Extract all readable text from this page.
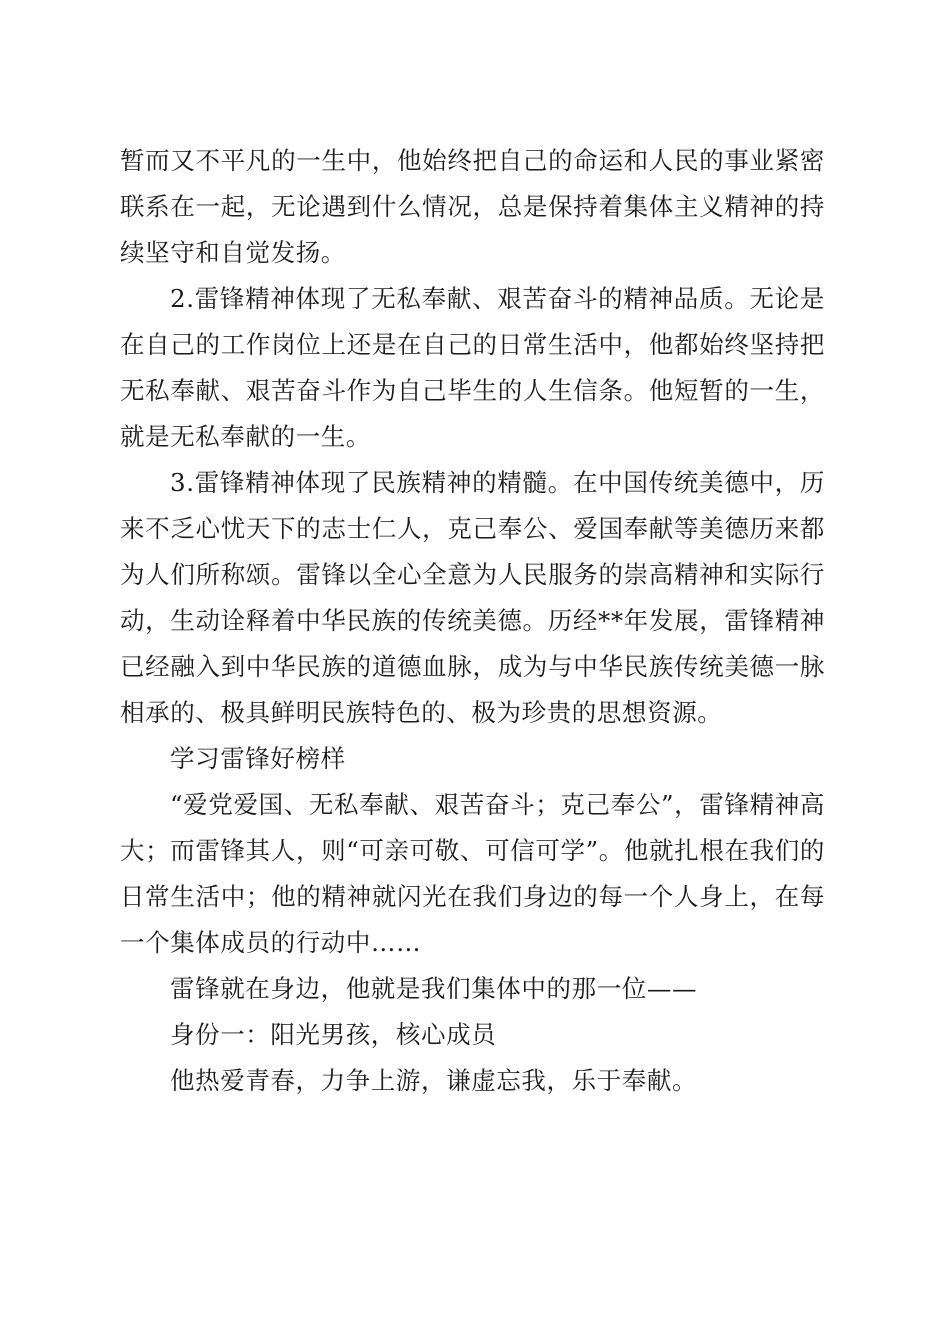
暂而又不平凡的一生中，他始终把自己的命运和人民的事业紧密联系在一起，无论遇到什么情况，总是保持着集体主义精神的持续坚守和自觉发扬。

2.雷锋精神体现了无私奉献、艰苦奋斗的精神品质。无论是在自己的工作岗位上还是在自己的日常生活中，他都始终坚持把无私奉献、艰苦奋斗作为自己毕生的人生信条。他短暂的一生，就是无私奉献的一生。

3.雷锋精神体现了民族精神的精髓。在中国传统美德中，历来不乏心忧天下的志士仁人，克己奉公、爱国奉献等美德历来都为人们所称颂。雷锋以全心全意为人民服务的崇高精神和实际行动，生动诠释着中华民族的传统美德。历经**年发展，雷锋精神已经融入到中华民族的道德血脉，成为与中华民族传统美德一脉相承的、极具鲜明民族特色的、极为珍贵的思想资源。

学习雷锋好榜样

“爱党爱国、无私奉献、艰苦奋斗；克己奉公”，雷锋精神高大；而雷锋其人，则“可亲可敬、可信可学”。他就扎根在我们的日常生活中；他的精神就闪光在我们身边的每一个人身上，在每一个集体成员的行动中……

雷锋就在身边，他就是我们集体中的那一位——

身份一：阳光男孩，核心成员

他热爱青春，力争上游，谦虚忘我，乐于奉献。
